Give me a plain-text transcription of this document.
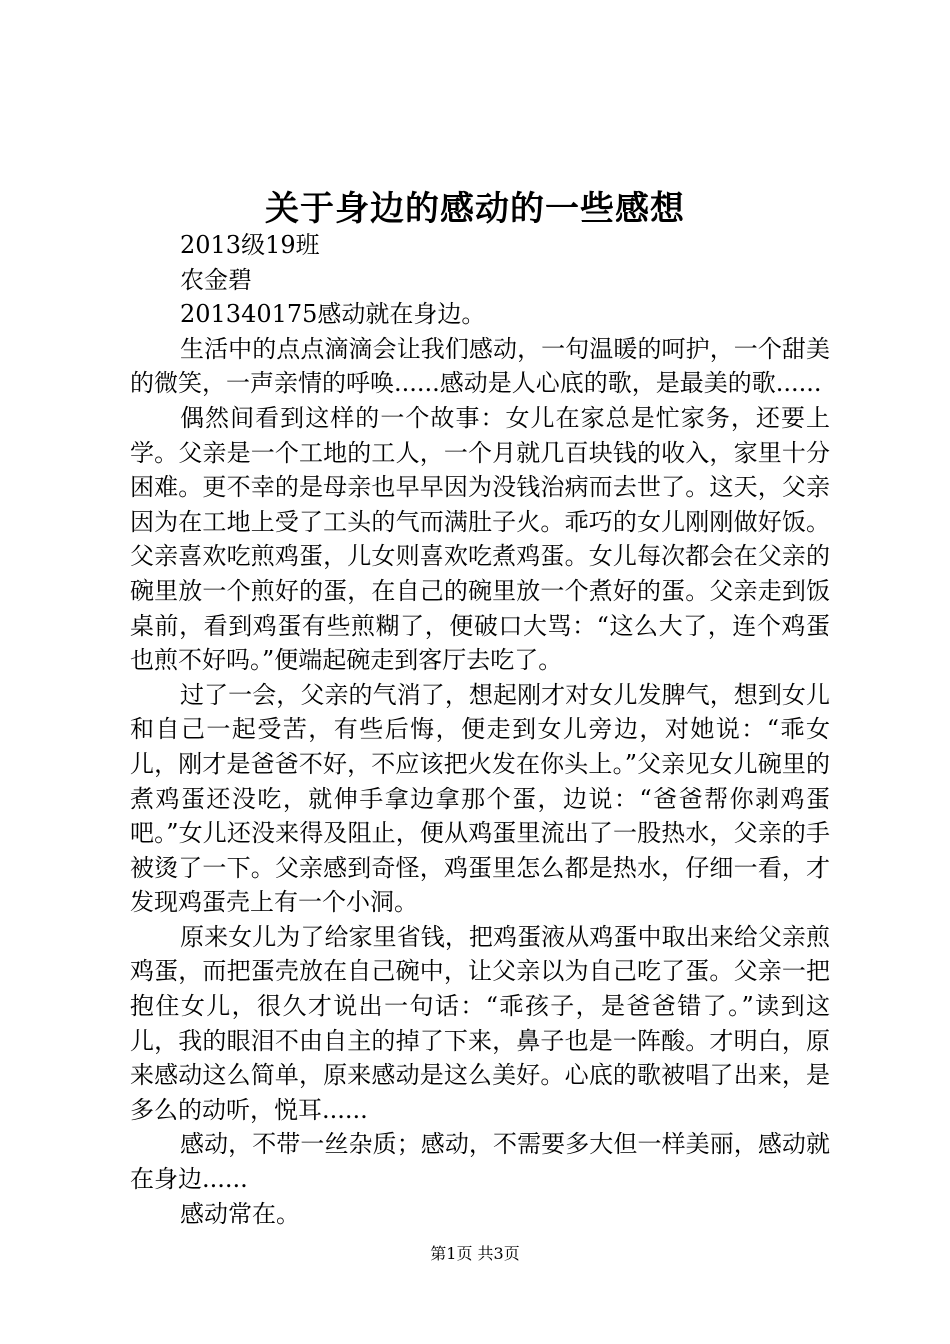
关于身边的感动的一些感想

2013级19班

农金碧

201340175感动就在身边。

生活中的点点滴滴会让我们感动，一句温暖的呵护，一个甜美的微笑，一声亲情的呼唤......感动是人心底的歌，是最美的歌......

偶然间看到这样的一个故事：女儿在家总是忙家务，还要上学。父亲是一个工地的工人，一个月就几百块钱的收入，家里十分困难。更不幸的是母亲也早早因为没钱治病而去世了。这天，父亲因为在工地上受了工头的气而满肚子火。乖巧的女儿刚刚做好饭。父亲喜欢吃煎鸡蛋，儿女则喜欢吃煮鸡蛋。女儿每次都会在父亲的碗里放一个煎好的蛋，在自己的碗里放一个煮好的蛋。父亲走到饭桌前，看到鸡蛋有些煎糊了，便破口大骂：“这么大了，连个鸡蛋也煎不好吗。”便端起碗走到客厅去吃了。

过了一会，父亲的气消了，想起刚才对女儿发脾气，想到女儿和自己一起受苦，有些后悔，便走到女儿旁边，对她说：“乖女儿，刚才是爸爸不好，不应该把火发在你头上。”父亲见女儿碗里的煮鸡蛋还没吃，就伸手拿边拿那个蛋，边说：“爸爸帮你剥鸡蛋吧。”女儿还没来得及阻止，便从鸡蛋里流出了一股热水，父亲的手被烫了一下。父亲感到奇怪，鸡蛋里怎么都是热水，仔细一看，才发现鸡蛋壳上有一个小洞。

原来女儿为了给家里省钱，把鸡蛋液从鸡蛋中取出来给父亲煎鸡蛋，而把蛋壳放在自己碗中，让父亲以为自己吃了蛋。父亲一把抱住女儿，很久才说出一句话：“乖孩子，是爸爸错了。”读到这儿，我的眼泪不由自主的掉了下来，鼻子也是一阵酸。才明白，原来感动这么简单，原来感动是这么美好。心底的歌被唱了出来，是多么的动听，悦耳......

感动，不带一丝杂质；感动，不需要多大但一样美丽，感动就在身边......

感动常在。

第1页 共3页
